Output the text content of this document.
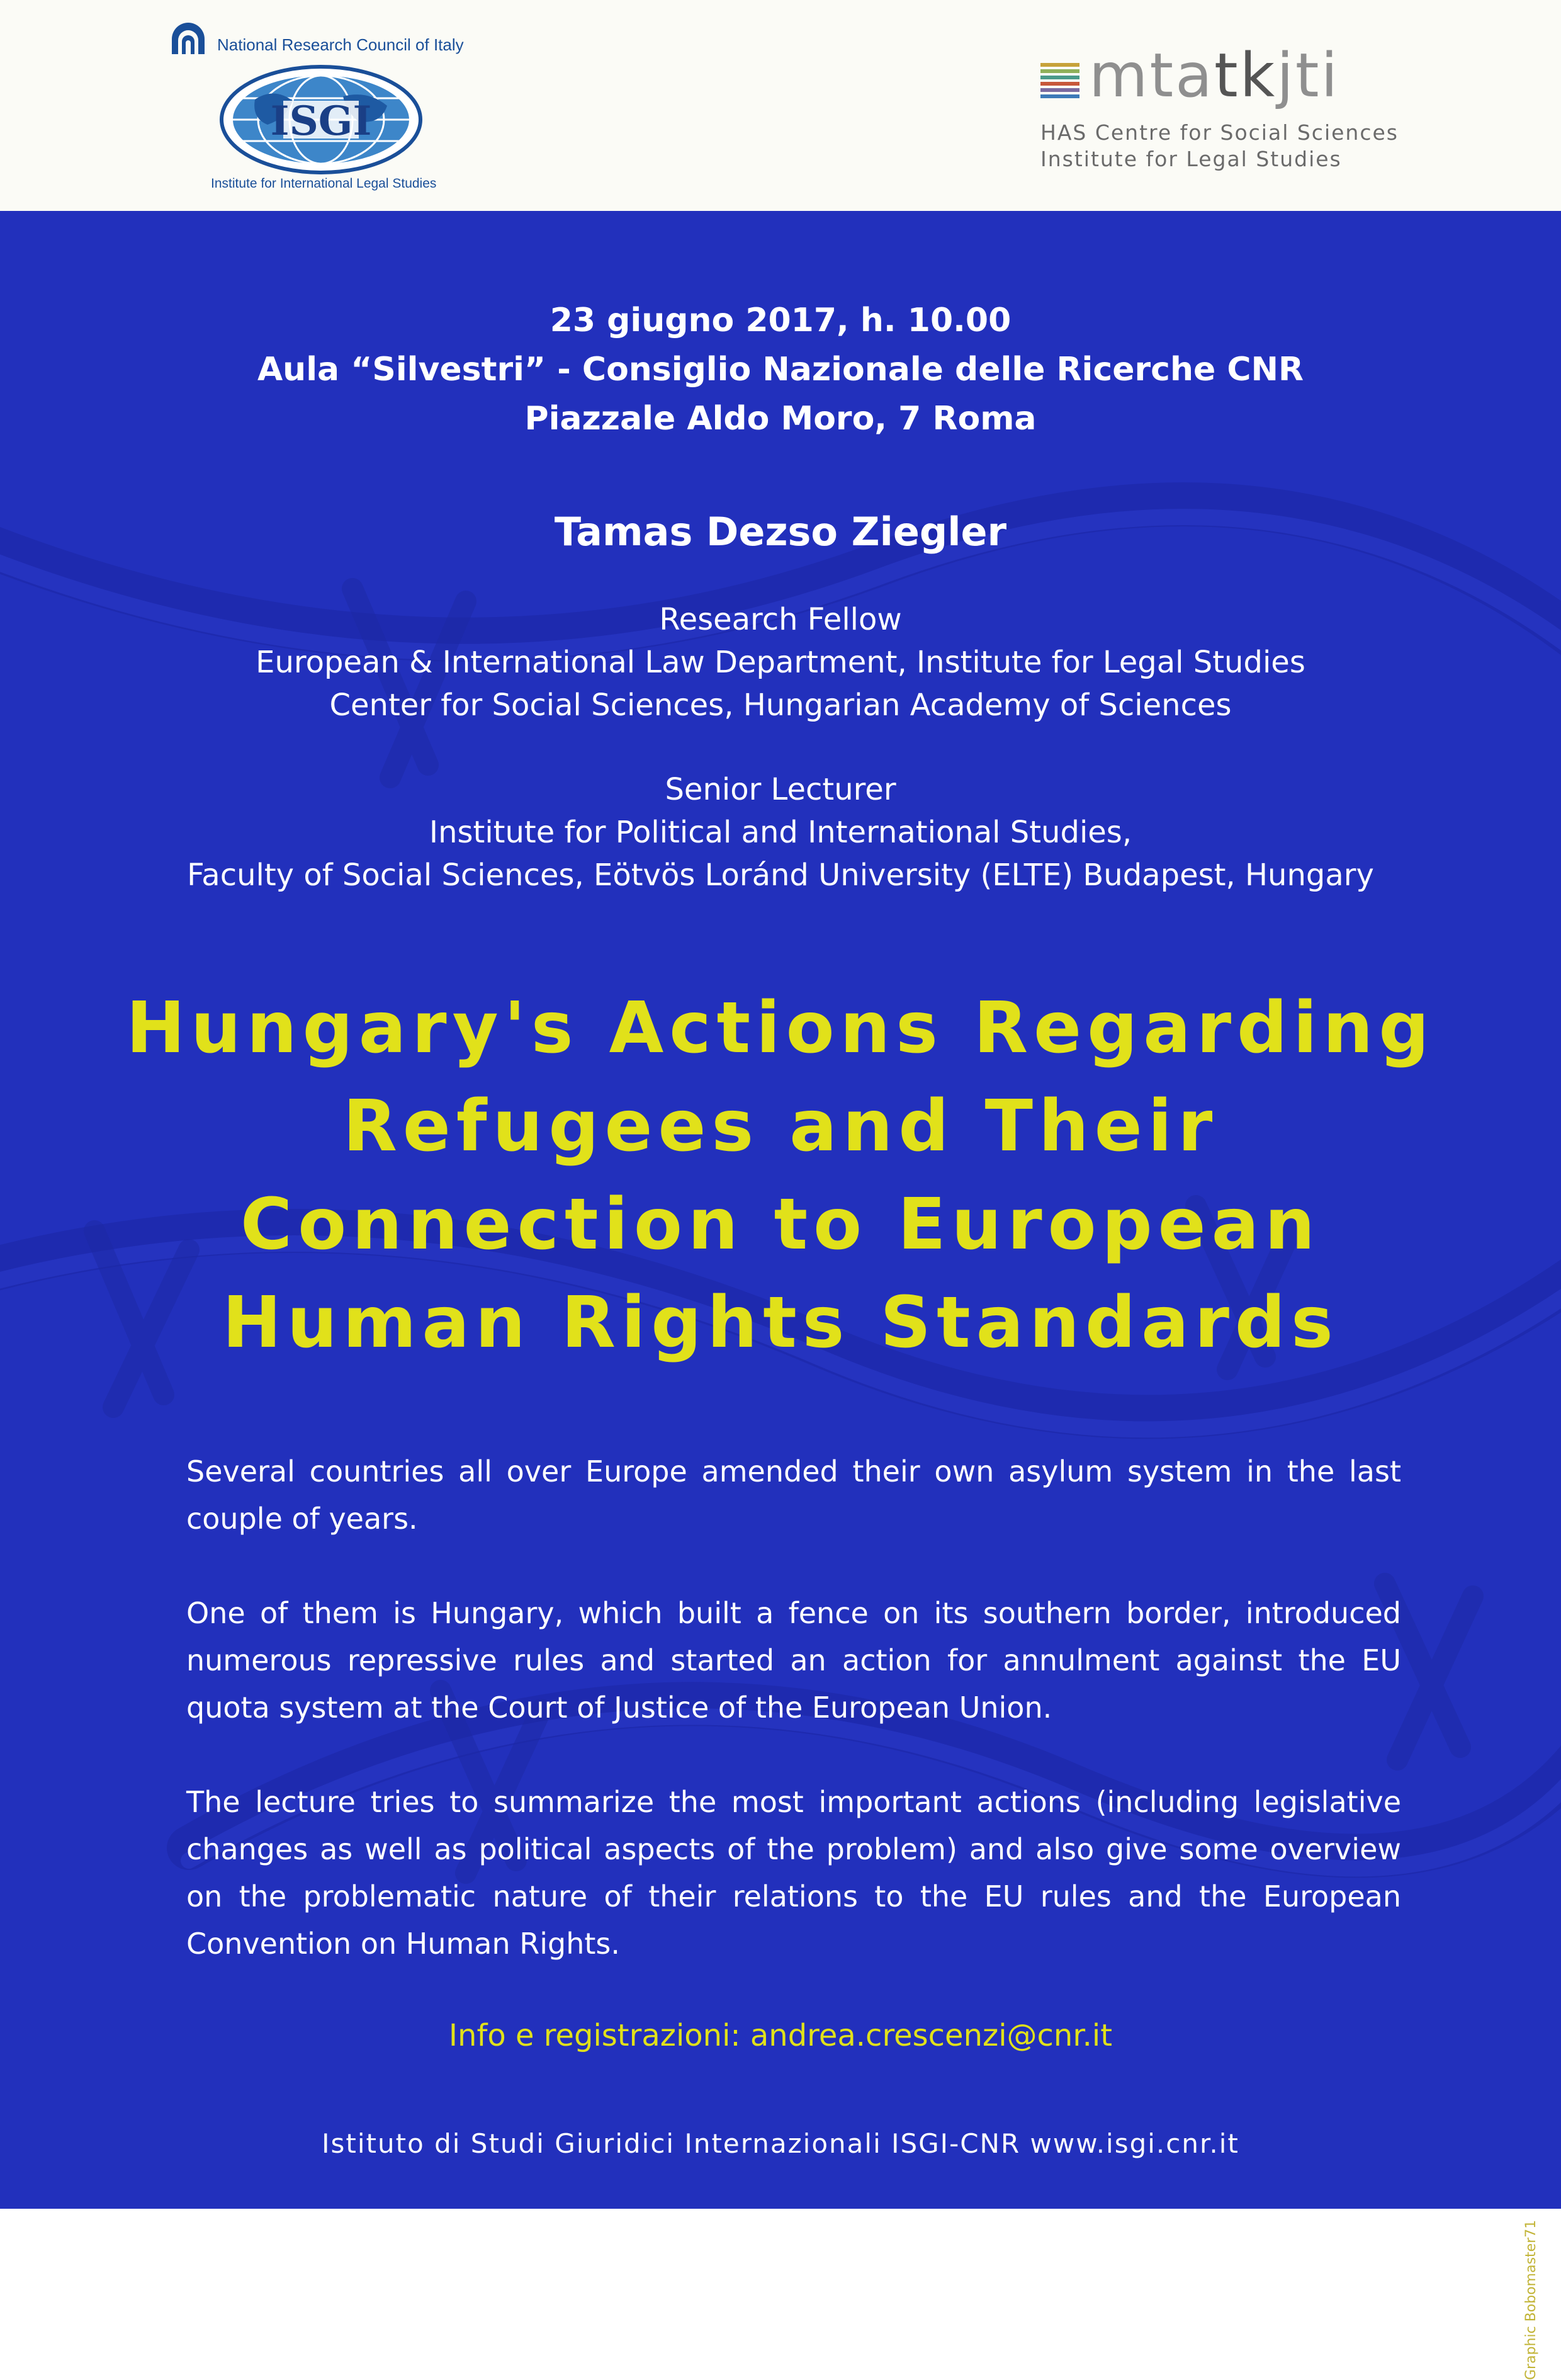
National Research Council of Italy
ISGI
Institute for International Legal Studies
mtatkjti
HAS Centre for Social Sciences
Institute for Legal Studies
23 giugno 2017, h. 10.00
Aula “Silvestri” - Consiglio Nazionale delle Ricerche CNR
Piazzale Aldo Moro, 7 Roma
Tamas Dezso Ziegler
Research Fellow
European & International Law Department, Institute for Legal Studies
Center for Social Sciences, Hungarian Academy of Sciences
Senior Lecturer
Institute for Political and International Studies,
Faculty of Social Sciences, Eötvös Loránd University (ELTE) Budapest, Hungary
Hungary's Actions Regarding
Refugees and Their
Connection to European
Human Rights Standards

Several countries all over Europe amended their own asylum system in the last couple of years.

One of them is Hungary, which built a fence on its southern border, introduced numerous repressive rules and started an action for annulment against the EU quota system at the Court of Justice of the European Union.

The lecture tries to summarize the most important actions (including legislative changes as well as political aspects of the problem) and also give some overview on the problematic nature of their relations to the EU rules and the European Convention on Human Rights.

Info e registrazioni: andrea.crescenzi@cnr.it
Istituto di Studi Giuridici Internazionali ISGI-CNR www.isgi.cnr.it
Graphic Bobomaster71
